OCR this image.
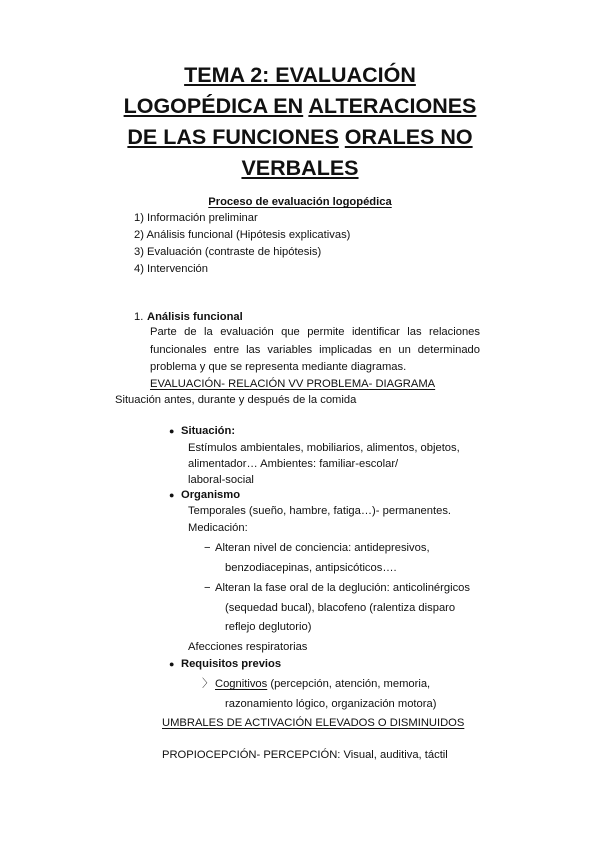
TEMA 2: EVALUACIÓN
LOGOPÉDICA EN ALTERACIONES
DE LAS FUNCIONES ORALES NO
VERBALES
Proceso de evaluación logopédica
1) Información preliminar
2) Análisis funcional (Hipótesis explicativas)
3) Evaluación (contraste de hipótesis)
4) Intervención
1. Análisis funcional

Parte de la evaluación que permite identificar las relaciones funcionales entre las variables implicadas en un determinado problema y que se representa mediante diagramas.

EVALUACIÓN- RELACIÓN VV PROBLEMA- DIAGRAMA
Situación antes, durante y después de la comida
● Situación:
Estímulos ambientales, mobiliarios, alimentos, objetos,
alimentador… Ambientes: familiar-escolar/
laboral-social
● Organismo
Temporales (sueño, hambre, fatiga…)- permanentes.
Medicación:
− Alteran nivel de conciencia: antidepresivos,
benzodiacepinas, antipsicóticos….
− Alteran la fase oral de la deglución: anticolinérgicos
(sequedad bucal), blacofeno (ralentiza disparo
reflejo deglutorio)
Afecciones respiratorias
● Requisitos previos
〉 Cognitivos (percepción, atención, memoria,
razonamiento lógico, organización motora)
UMBRALES DE ACTIVACIÓN ELEVADOS O DISMINUIDOS
PROPIOCEPCIÓN- PERCEPCIÓN: Visual, auditiva, táctil
